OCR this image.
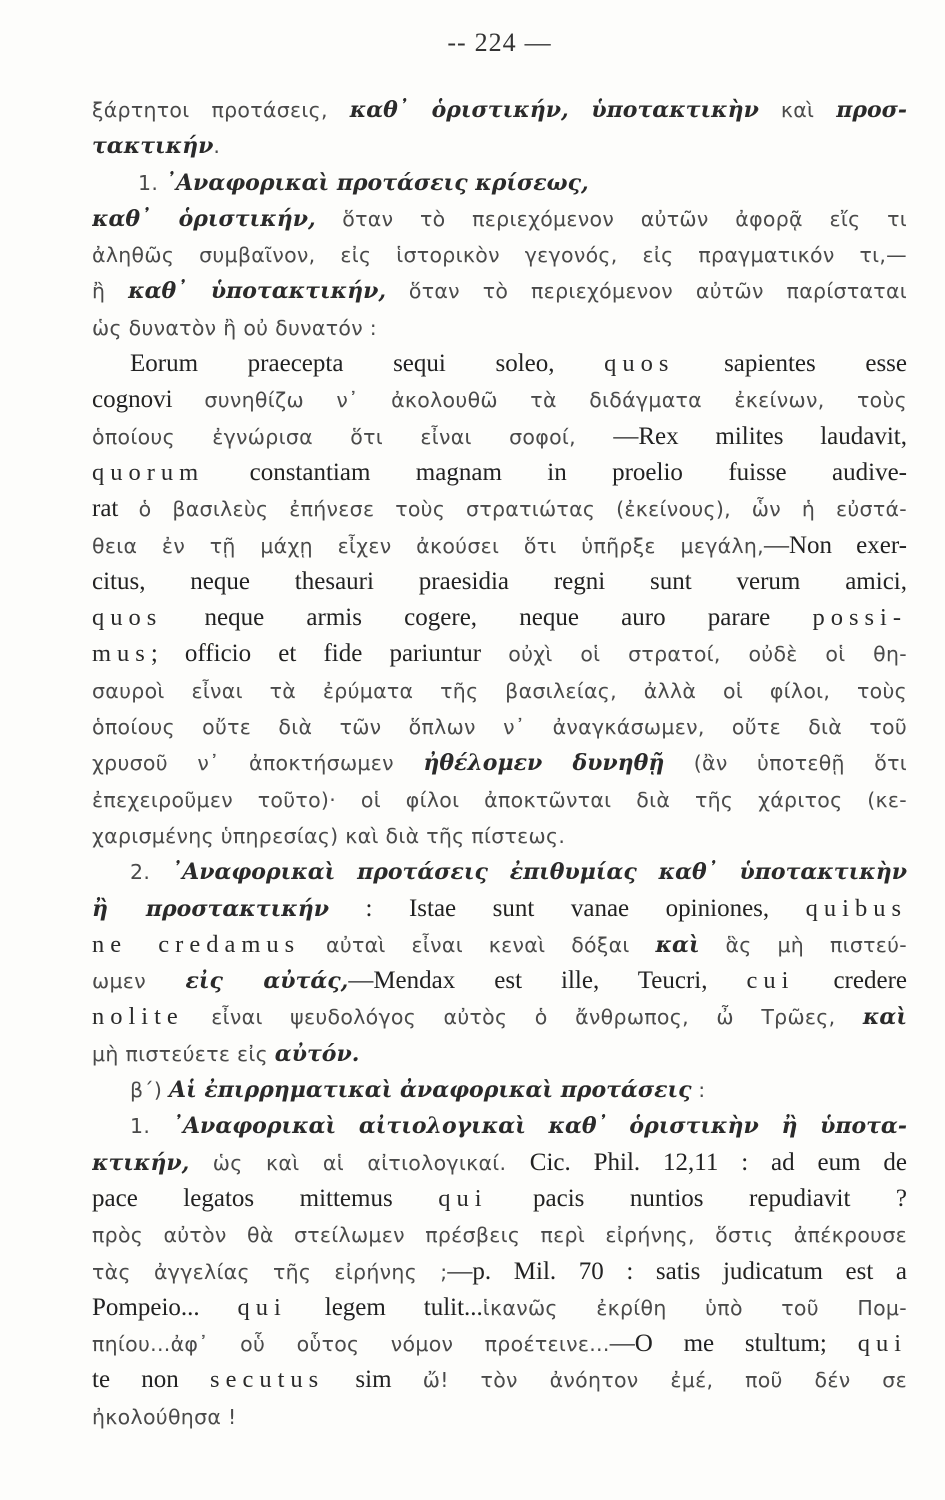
-- 224 —
ξάρτητοι προτάσεις, καθ᾿ ὁριστικήν, ὑποτακτικὴν καὶ προσ-
τακτικήν.
1. ᾿Αναφορικαὶ προτάσεις κρίσεως,
καθ᾿ ὁριστικήν, ὅταν τὸ περιεχόμενον αὐτῶν ἀφορᾷ εἴς τι
ἀληθῶς συμβαῖνον, εἰς ἱστορικὸν γεγονός, εἰς πραγματικόν τι,—
ἢ καθ᾿ ὑποτακτικήν, ὅταν τὸ περιεχόμενον αὐτῶν παρίσταται
ὡς δυνατὸν ἢ οὐ δυνατόν :
Eorum praecepta sequi soleo, quos sapientes esse
cognovi συνηθίζω ν᾿ ἀκολουθῶ τὰ διδάγματα ἐκείνων, τοὺς
ὁποίους ἐγνώρισα ὅτι εἶναι σοφοί, —Rex milites laudavit,
quorum constantiam magnam in proelio fuisse audive-
rat ὁ βασιλεὺς ἐπήνεσε τοὺς στρατιώτας (ἐκείνους), ὧν ἡ εὐστά-
θεια ἐν τῇ μάχῃ εἶχεν ἀκούσει ὅτι ὑπῆρξε μεγάλη,—Non exer-
citus, neque thesauri praesidia regni sunt verum amici,
quos neque armis cogere, neque auro parare possi-
mus; officio et fide pariuntur οὐχὶ οἱ στρατοί, οὐδὲ οἱ θη-
σαυροὶ εἶναι τὰ ἐρύματα τῆς βασιλείας, ἀλλὰ οἱ φίλοι, τοὺς
ὁποίους οὔτε διὰ τῶν ὅπλων ν᾿ ἀναγκάσωμεν, οὔτε διὰ τοῦ
χρυσοῦ ν᾿ ἀποκτήσωμεν ἠθέλομεν δυνηθῇ (ἂν ὑποτεθῇ ὅτι
ἐπεχειροῦμεν τοῦτο)· οἱ φίλοι ἀποκτῶνται διὰ τῆς χάριτος (κε-
χαρισμένης ὑπηρεσίας) καὶ διὰ τῆς πίστεως.
2. ᾿Αναφορικαὶ προτάσεις ἐπιθυμίας καθ᾿ ὑποτακτικὴν
ἢ προστακτικήν : Istae sunt vanae opiniones, quibus
ne credamus αὐταὶ εἶναι κεναὶ δόξαι καὶ ἃς μὴ πιστεύ-
ωμεν εἰς αὐτάς,—Mendax est ille, Teucri, cui credere
nolite εἶναι ψευδολόγος αὐτὸς ὁ ἄνθρωπος, ὦ Τρῶες, καὶ
μὴ πιστεύετε εἰς αὐτόν.
β´) Αἱ ἐπιρρηματικαὶ ἀναφορικαὶ προτάσεις :
1. ᾿Αναφορικαὶ αἰτιολογικαὶ καθ᾿ ὁριστικὴν ἢ ὑποτα-
κτικήν, ὡς καὶ αἱ αἰτιολογικαί. Cic. Phil. 12,11 : ad eum de
pace legatos mittemus qui pacis nuntios repudiavit ?
πρὸς αὐτὸν θὰ στείλωμεν πρέσβεις περὶ εἰρήνης, ὅστις ἀπέκρουσε
τὰς ἀγγελίας τῆς εἰρήνης ;—p. Mil. 70 : satis judicatum est a
Pompeio... qui legem tulit...ἱκανῶς ἐκρίθη ὑπὸ τοῦ Πομ-
πηίου...ἀφ᾿ οὗ οὗτος νόμον προέτεινε...—O me stultum; qui
te non secutus sim ὤ! τὸν ἀνόητον ἐμέ, ποῦ δέν σε
ἠκολούθησα !
